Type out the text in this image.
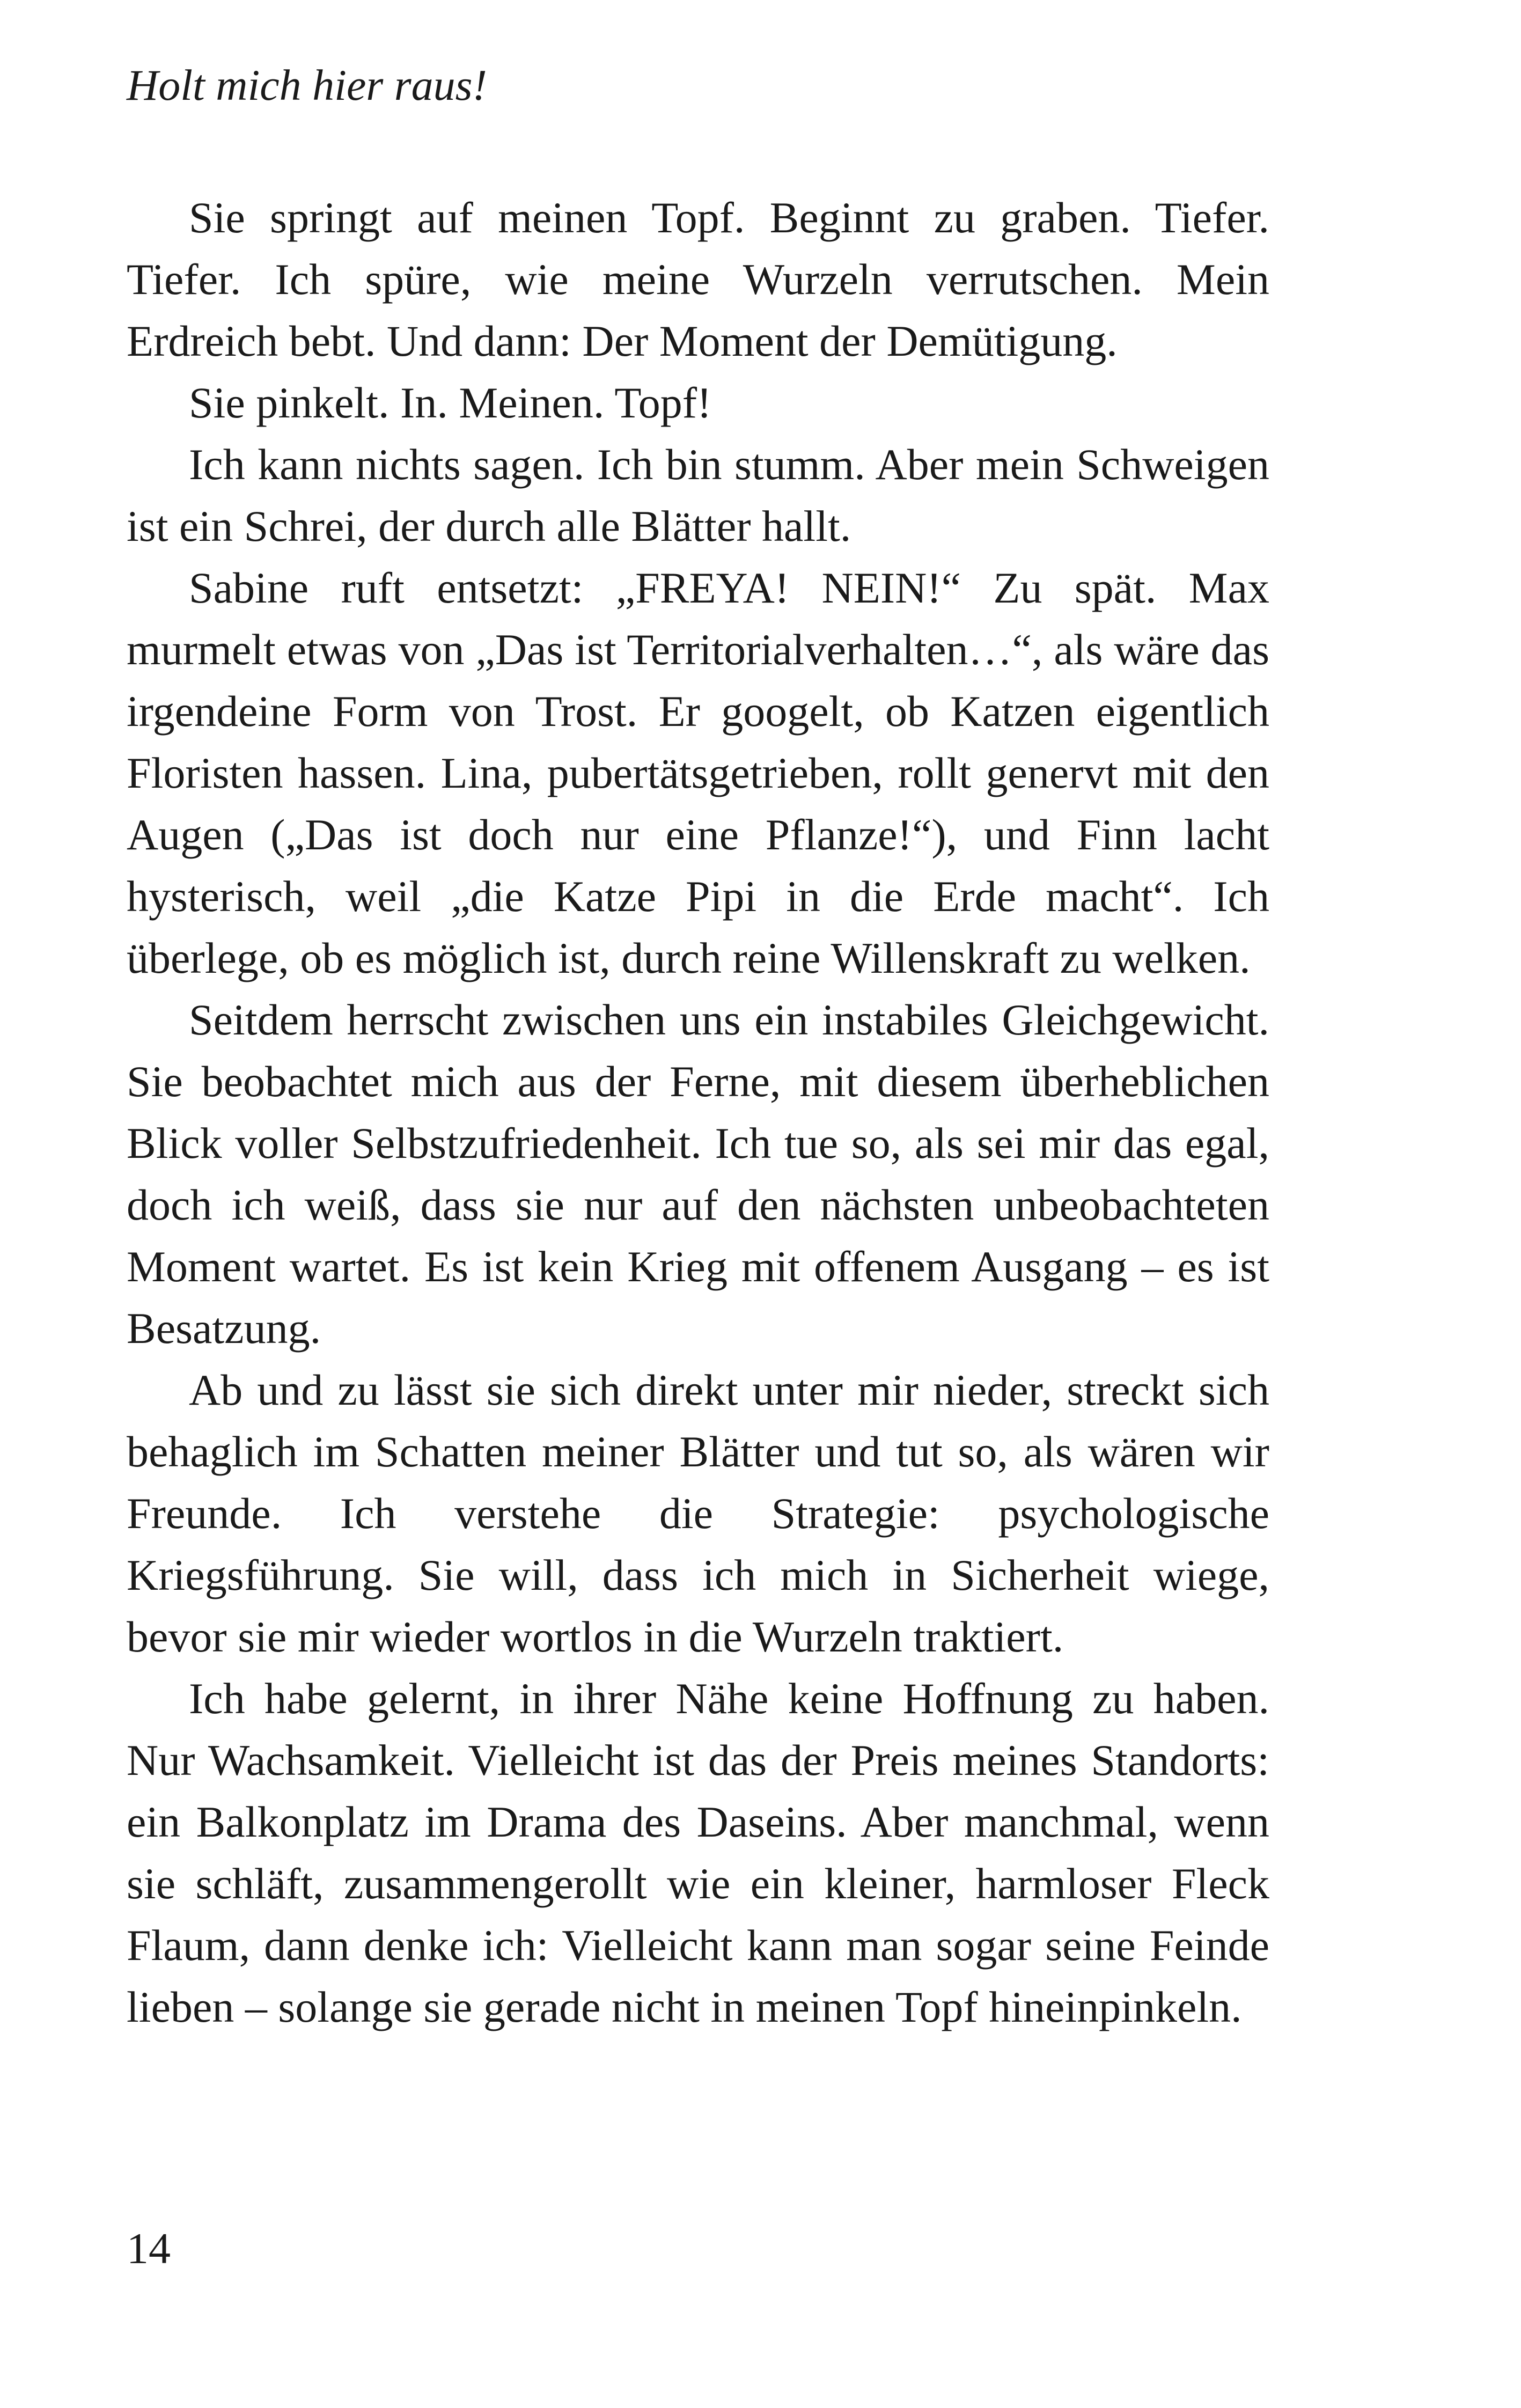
Holt mich hier raus!

Sie springt auf meinen Topf. Beginnt zu graben. Tiefer. Tiefer. Ich spüre, wie meine Wurzeln verrutschen. Mein Erdreich bebt. Und dann: Der Moment der Demütigung.

Sie pinkelt. In. Meinen. Topf!

Ich kann nichts sagen. Ich bin stumm. Aber mein Schweigen ist ein Schrei, der durch alle Blätter hallt.

Sabine ruft entsetzt: „FREYA! NEIN!“ Zu spät. Max murmelt etwas von „Das ist Territorialverhalten…“, als wäre das irgendeine Form von Trost. Er googelt, ob Katzen eigentlich Floristen hassen. Lina, pubertätsgetrieben, rollt genervt mit den Augen („Das ist doch nur eine Pflanze!“), und Finn lacht hysterisch, weil „die Katze Pipi in die Erde macht“. Ich überlege, ob es möglich ist, durch reine Willenskraft zu welken.

Seitdem herrscht zwischen uns ein instabiles Gleichgewicht. Sie beobachtet mich aus der Ferne, mit diesem überheblichen Blick voller Selbstzufriedenheit. Ich tue so, als sei mir das egal, doch ich weiß, dass sie nur auf den nächsten unbeobachteten Moment wartet. Es ist kein Krieg mit offenem Ausgang – es ist Besatzung.

Ab und zu lässt sie sich direkt unter mir nieder, streckt sich behaglich im Schatten meiner Blätter und tut so, als wären wir Freunde. Ich verstehe die Strategie: psychologische Kriegsführung. Sie will, dass ich mich in Sicherheit wiege, bevor sie mir wieder wortlos in die Wurzeln traktiert.

Ich habe gelernt, in ihrer Nähe keine Hoffnung zu haben. Nur Wachsamkeit. Vielleicht ist das der Preis meines Standorts: ein Balkonplatz im Drama des Daseins. Aber manchmal, wenn sie schläft, zusammengerollt wie ein kleiner, harmloser Fleck Flaum, dann denke ich: Vielleicht kann man sogar seine Feinde lieben – solange sie gerade nicht in meinen Topf hineinpinkeln.

14
